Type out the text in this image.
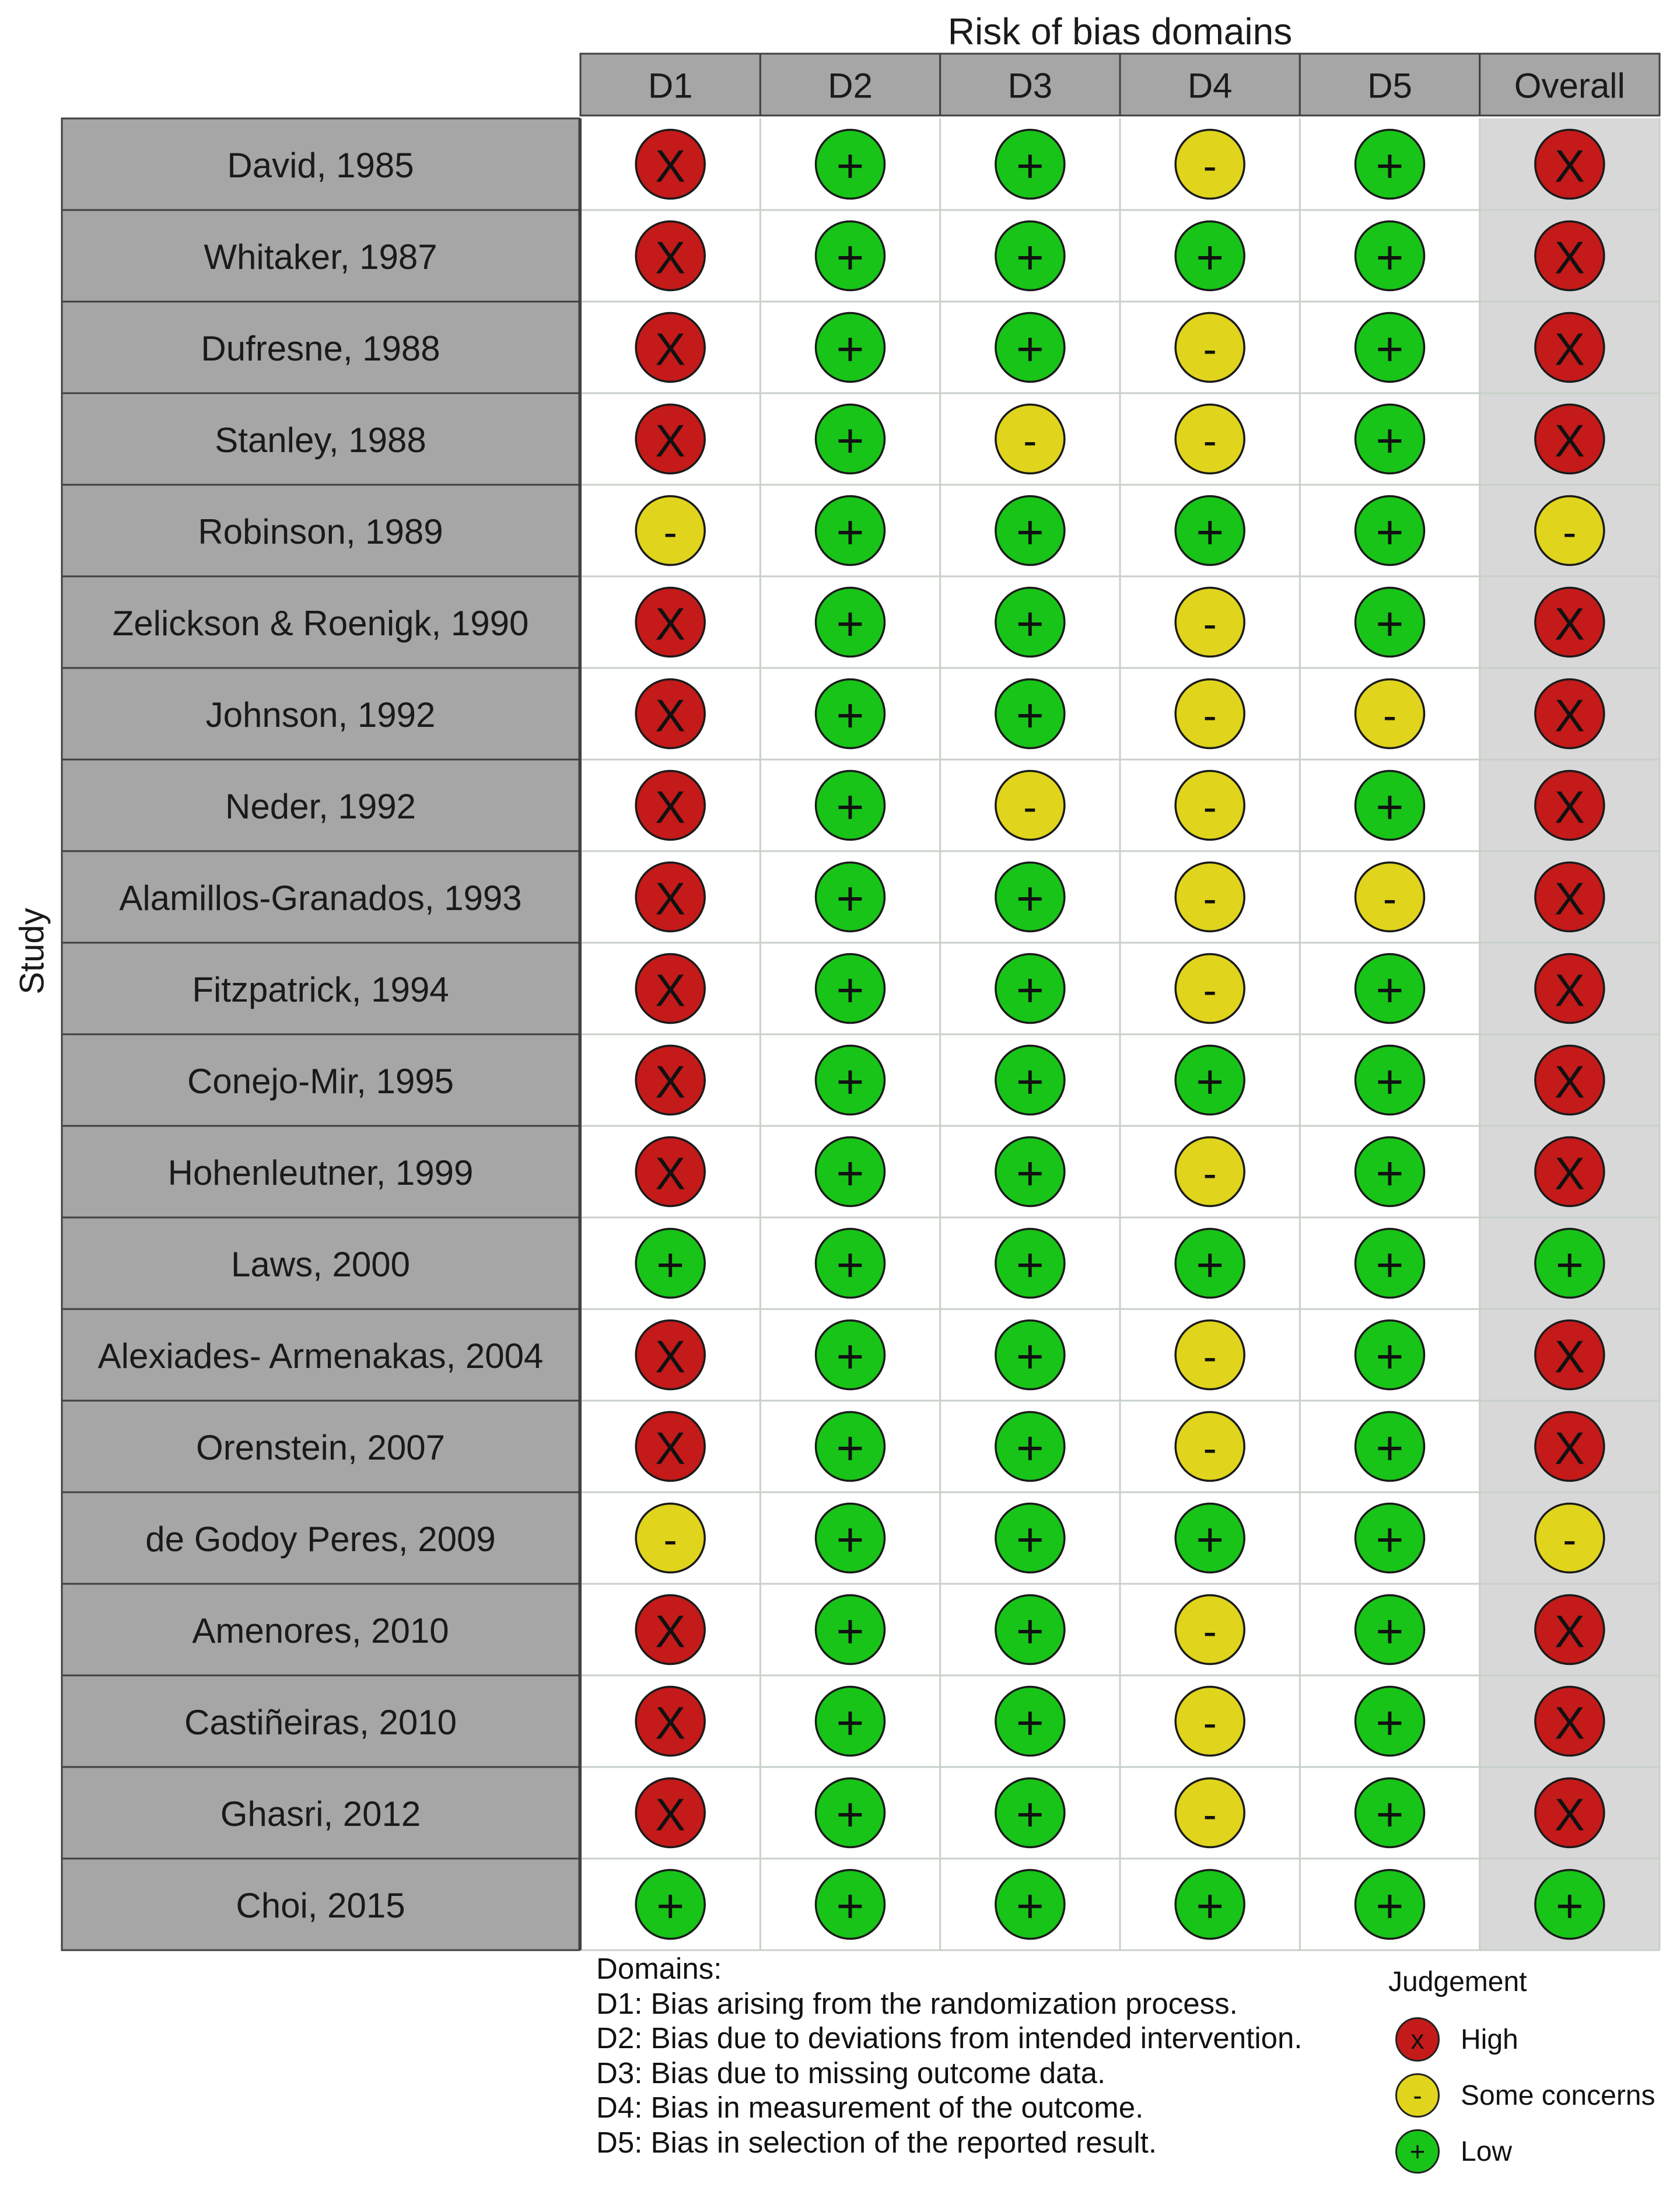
Risk of bias domains
Study
D1	D2	D3	D4	D5	Overall
David, 1985	X	+	+	-	+	X
Whitaker, 1987	X	+	+	+	+	X
Dufresne, 1988	X	+	+	-	+	X
Stanley, 1988	X	+	-	-	+	X
Robinson, 1989	-	+	+	+	+	-
Zelickson & Roenigk, 1990	X	+	+	-	+	X
Johnson, 1992	X	+	+	-	-	X
Neder, 1992	X	+	-	-	+	X
Alamillos-Granados, 1993	X	+	+	-	-	X
Fitzpatrick, 1994	X	+	+	-	+	X
Conejo-Mir, 1995	X	+	+	+	+	X
Hohenleutner, 1999	X	+	+	-	+	X
Laws, 2000	+	+	+	+	+	+
Alexiades- Armenakas, 2004 X	+	+	-	+	X
Orenstein, 2007	X	+	+	-	+	X
de Godoy Peres, 2009	-	+	+	+	+	-
Amenores, 2010	X	+	+	-	+	X
Castiñeiras, 2010	X	+	+	-	+	X
Ghasri, 2012	X	+	+	-	+	X
Choi, 2015	+	+	+	+	+	+
Domains:
D1: Bias arising from the randomization process.
D2: Bias due to deviations from intended intervention.
D3: Bias due to missing outcome data.
D4: Bias in measurement of the outcome.
D5: Bias in selection of the reported result.
Judgement
x	High
-	Some concerns
+	Low
